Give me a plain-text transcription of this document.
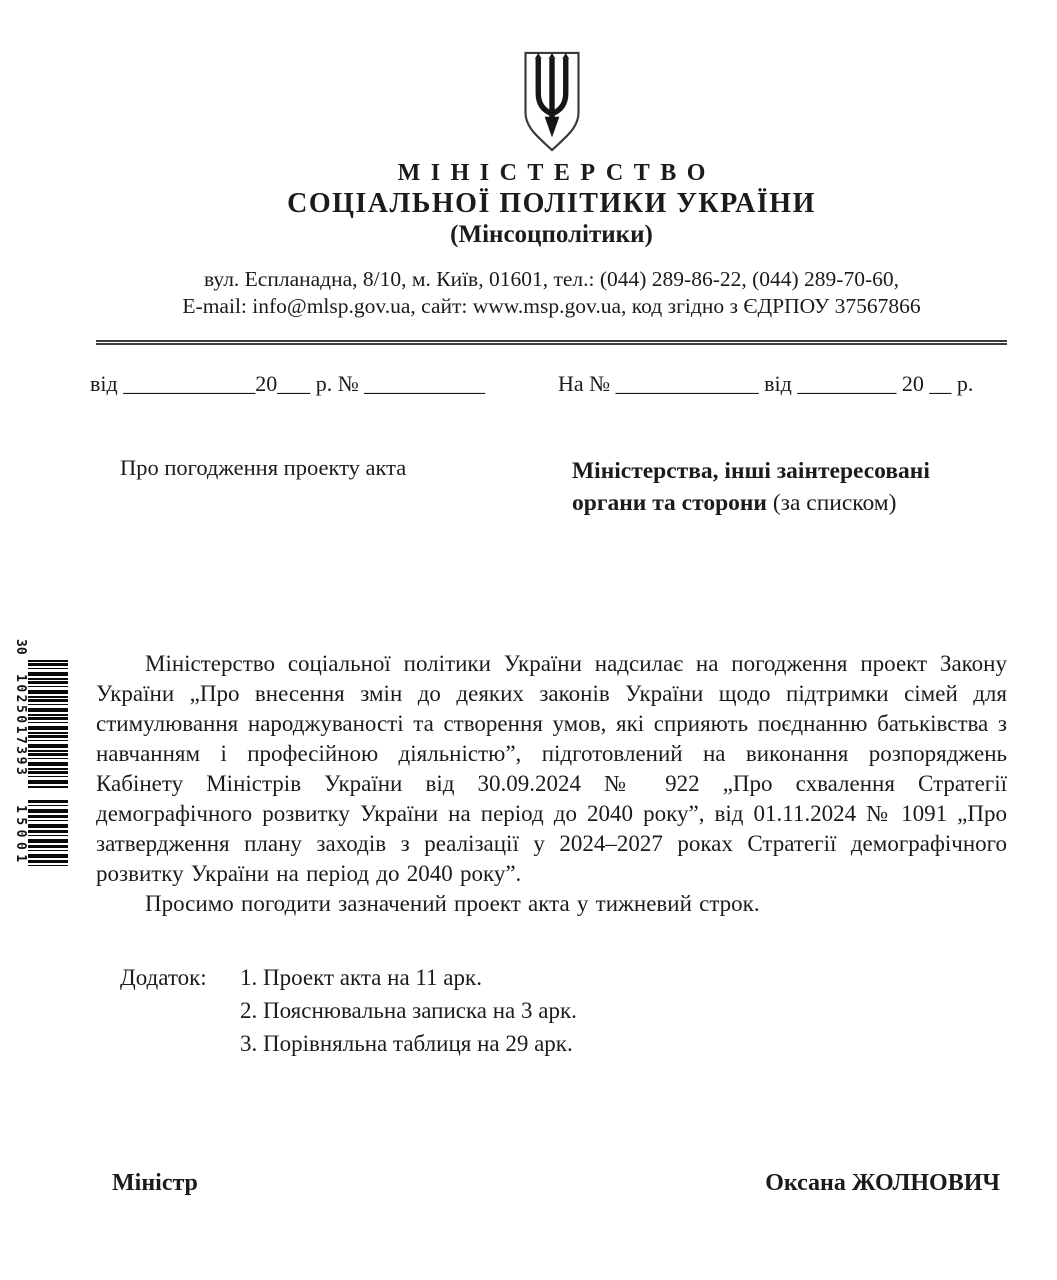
30
1025017393
15001
МІНІСТЕРСТВО
СОЦІАЛЬНОЇ ПОЛІТИКИ УКРАЇНИ
(Мінсоцполітики)
вул. Еспланадна, 8/10, м. Київ, 01601, тел.: (044) 289-86-22, (044) 289-70-60,
E-mail: info@mlsp.gov.ua, сайт: www.msp.gov.ua, код згідно з ЄДРПОУ 37567866
від ____________20___ р. № ___________	На № _____________ від _________ 20 __ р.
Про погодження проекту акта	Міністерства, інші заінтересовані органи та сторони (за списком)

Міністерство соціальної політики України надсилає на погодження проект Закону України „Про внесення змін до деяких законів України щодо підтримки сімей для стимулювання народжуваності та створення умов, які сприяють поєднанню батьківства з навчанням і професійною діяльністю”, підготовлений на виконання розпоряджень Кабінету Міністрів України від 30.09.2024 № 922 „Про схвалення Стратегії демографічного розвитку України на період до 2040 року”, від 01.11.2024 № 1091 „Про затвердження плану заходів з реалізації у 2024–2027 роках Стратегії демографічного розвитку України на період до 2040 року”.

Просимо погодити зазначений проект акта у тижневий строк.

Додаток:	1. Проект акта на 11 арк.
2. Пояснювальна записка на 3 арк.
3. Порівняльна таблиця на 29 арк.
Міністр	Оксана ЖОЛНОВИЧ
